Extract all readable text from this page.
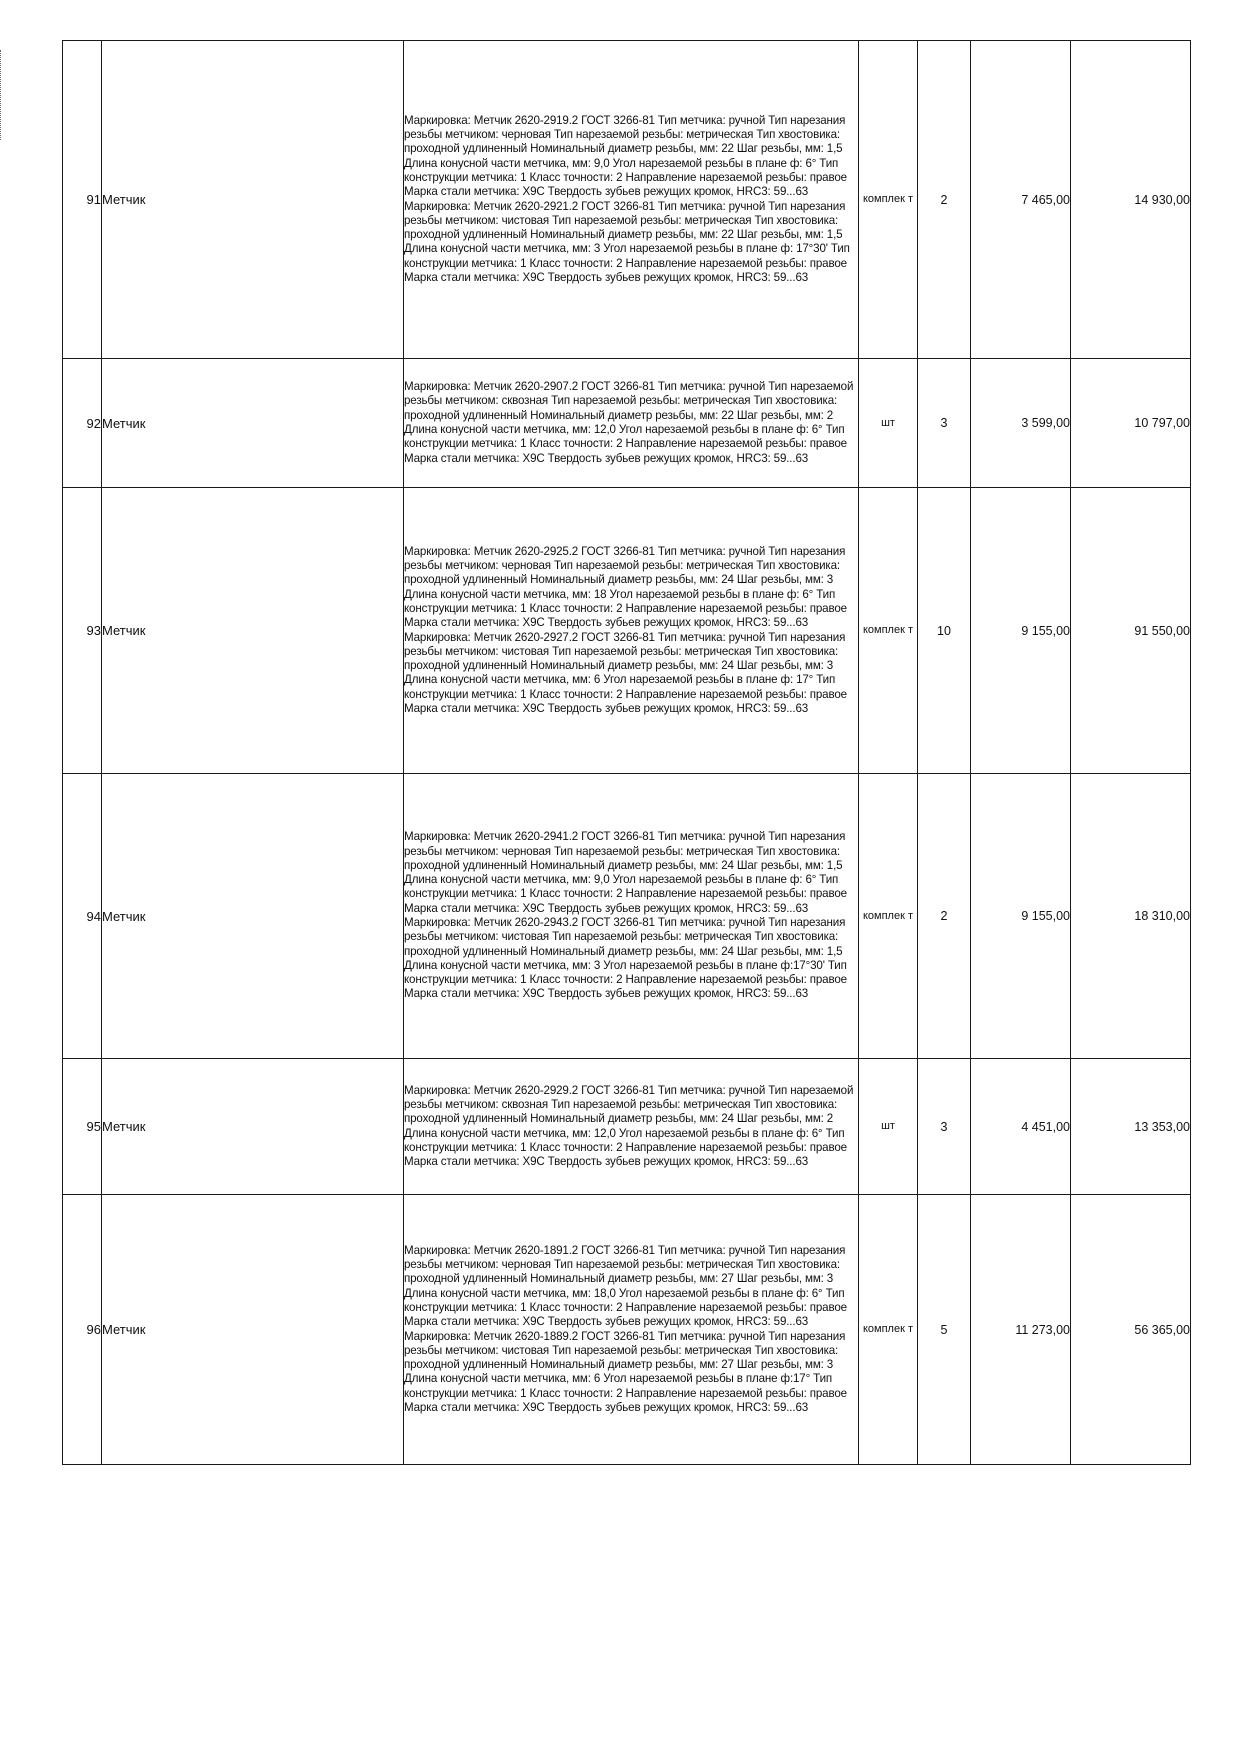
91	Метчик	Маркировка: Метчик 2620-2919.2 ГОСТ 3266-81 Тип метчика: ручной Тип нарезания резьбы метчиком: черновая Тип нарезаемой резьбы: метрическая Тип хвостовика: проходной удлиненный Номинальный диаметр резьбы, мм: 22 Шаг резьбы, мм: 1,5 Длина конусной части метчика, мм: 9,0 Угол нарезаемой резьбы в плане ф: 6° Тип конструкции метчика: 1 Класс точности: 2 Направление нарезаемой резьбы: правое Марка стали метчика: Х9С Твердость зубьев режущих кромок, HRC3: 59...63 Маркировка: Метчик 2620-2921.2 ГОСТ 3266-81 Тип метчика: ручной Тип нарезания резьбы метчиком: чистовая Тип нарезаемой резьбы: метрическая Тип хвостовика: проходной удлиненный Номинальный диаметр резьбы, мм: 22 Шаг резьбы, мм: 1,5 Длина конусной части метчика, мм: 3 Угол нарезаемой резьбы в плане ф: 17°30' Тип конструкции метчика: 1 Класс точности: 2 Направление нарезаемой резьбы: правое Марка стали метчика: Х9С Твердость зубьев режущих кромок, HRC3: 59...63	комплек т	2	7 465,00	14 930,00
92	Метчик	Маркировка: Метчик 2620-2907.2 ГОСТ 3266-81 Тип метчика: ручной Тип нарезаемой резьбы метчиком: сквозная Тип нарезаемой резьбы: метрическая Тип хвостовика: проходной удлиненный Номинальный диаметр резьбы, мм: 22 Шаг резьбы, мм: 2 Длина конусной части метчика, мм: 12,0 Угол нарезаемой резьбы в плане ф: 6° Тип конструкции метчика: 1 Класс точности: 2 Направление нарезаемой резьбы: правое Марка стали метчика: Х9С Твердость зубьев режущих кромок, HRC3: 59...63	шт	3	3 599,00	10 797,00
93	Метчик	Маркировка: Метчик 2620-2925.2 ГОСТ 3266-81 Тип метчика: ручной Тип нарезания резьбы метчиком: черновая Тип нарезаемой резьбы: метрическая Тип хвостовика: проходной удлиненный Номинальный диаметр резьбы, мм: 24 Шаг резьбы, мм: 3 Длина конусной части метчика, мм: 18 Угол нарезаемой резьбы в плане ф: 6° Тип конструкции метчика: 1 Класс точности: 2 Направление нарезаемой резьбы: правое Марка стали метчика: Х9С Твердость зубьев режущих кромок, HRC3: 59...63 Маркировка: Метчик 2620-2927.2 ГОСТ 3266-81 Тип метчика: ручной Тип нарезания резьбы метчиком: чистовая Тип нарезаемой резьбы: метрическая Тип хвостовика: проходной удлиненный Номинальный диаметр резьбы, мм: 24 Шаг резьбы, мм: 3 Длина конусной части метчика, мм: 6 Угол нарезаемой резьбы в плане ф: 17° Тип конструкции метчика: 1 Класс точности: 2 Направление нарезаемой резьбы: правое Марка стали метчика: Х9С Твердость зубьев режущих кромок, HRC3: 59...63	комплек т	10	9 155,00	91 550,00
94	Метчик	Маркировка: Метчик 2620-2941.2 ГОСТ 3266-81 Тип метчика: ручной Тип нарезания резьбы метчиком: черновая Тип нарезаемой резьбы: метрическая Тип хвостовика: проходной удлиненный Номинальный диаметр резьбы, мм: 24 Шаг резьбы, мм: 1,5 Длина конусной части метчика, мм: 9,0 Угол нарезаемой резьбы в плане ф: 6° Тип конструкции метчика: 1 Класс точности: 2 Направление нарезаемой резьбы: правое Марка стали метчика: Х9С Твердость зубьев режущих кромок, HRC3: 59...63 Маркировка: Метчик 2620-2943.2 ГОСТ 3266-81 Тип метчика: ручной Тип нарезания резьбы метчиком: чистовая Тип нарезаемой резьбы: метрическая Тип хвостовика: проходной удлиненный Номинальный диаметр резьбы, мм: 24 Шаг резьбы, мм: 1,5 Длина конусной части метчика, мм: 3 Угол нарезаемой резьбы в плане ф:17°30' Тип конструкции метчика: 1 Класс точности: 2 Направление нарезаемой резьбы: правое Марка стали метчика: Х9С Твердость зубьев режущих кромок, HRC3: 59...63	комплек т	2	9 155,00	18 310,00
95	Метчик	Маркировка: Метчик 2620-2929.2 ГОСТ 3266-81 Тип метчика: ручной Тип нарезаемой резьбы метчиком: сквозная Тип нарезаемой резьбы: метрическая Тип хвостовика: проходной удлиненный Номинальный диаметр резьбы, мм: 24 Шаг резьбы, мм: 2 Длина конусной части метчика, мм: 12,0 Угол нарезаемой резьбы в плане ф: 6° Тип конструкции метчика: 1 Класс точности: 2 Направление нарезаемой резьбы: правое Марка стали метчика: Х9С Твердость зубьев режущих кромок, HRC3: 59...63	шт	3	4 451,00	13 353,00
96	Метчик	Маркировка: Метчик 2620-1891.2 ГОСТ 3266-81 Тип метчика: ручной Тип нарезания резьбы метчиком: черновая Тип нарезаемой резьбы: метрическая Тип хвостовика: проходной удлиненный Номинальный диаметр резьбы, мм: 27 Шаг резьбы, мм: 3 Длина конусной части метчика, мм: 18,0 Угол нарезаемой резьбы в плане ф: 6° Тип конструкции метчика: 1 Класс точности: 2 Направление нарезаемой резьбы: правое Марка стали метчика: Х9С Твердость зубьев режущих кромок, HRC3: 59...63 Маркировка: Метчик 2620-1889.2 ГОСТ 3266-81 Тип метчика: ручной Тип нарезания резьбы метчиком: чистовая Тип нарезаемой резьбы: метрическая Тип хвостовика: проходной удлиненный Номинальный диаметр резьбы, мм: 27 Шаг резьбы, мм: 3 Длина конусной части метчика, мм: 6 Угол нарезаемой резьбы в плане ф:17° Тип конструкции метчика: 1 Класс точности: 2 Направление нарезаемой резьбы: правое Марка стали метчика: Х9С Твердость зубьев режущих кромок, HRC3: 59...63	комплек т	5	11 273,00	56 365,00
